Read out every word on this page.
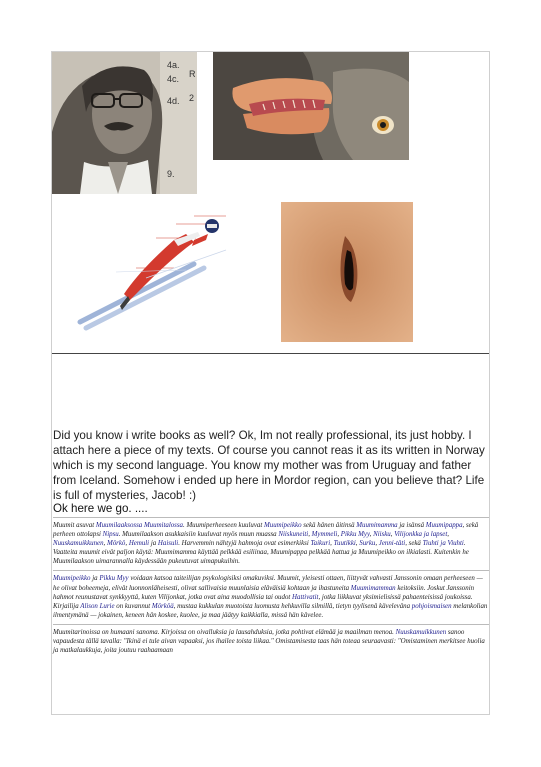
4a.
4c.
4d.
9.
R
2

Did you know i write books as well? Ok, Im not really professional, its just hobby. I attach here a piece of my texts. Of course you cannot reas it as its written in Norway which is my second language. You know my mother was from Uruguay and father from Iceland. Somehow i ended up here in Mordor region, can you believe that? Life is full of mysteries, Jacob! :)

Ok here we go. ....

Muumit asuvat Muumilaaksossa Muumitalossa. Muumiperheeseen kuuluvat Muumipeikko sekä hänen äitinsä Muumimamma ja isänsä Muumipappa, sekä perheen ottolapsi Nipsu. Muumilaakson asukkaisiin kuuluvat myös muun muassa Niiskuneiti, Mymmeli, Pikku Myy, Niisku, Vilijonkka ja lapset, Nuuskamuikkunen, Mörkö, Hemuli ja Haisuli. Harvemmin nähtyjä hahmoja ovat esimerkiksi Taikuri, Tuutikki, Surku, Jenni-täti, sekä Tiuhti ja Viuhti. Vaatteita muumit eivät paljon käytä: Muumimamma käyttää pelkkää esiliinaa, Muumipappa pelkkää hattua ja Muumipeikko on ilkialasti. Kuitenkin he Muumilaakson uimarannalla käydessään pukeutuvat uimapukuihin.

Muumipeikko ja Pikku Myy voidaan katsoa taiteilijan psykologisiksi omakuviksi. Muumit, yleisesti ottaen, liittyvät vahvasti Janssonin omaan perheeseen — he olivat boheemeja, elivät luonnonläheisesti, olivat sallivaisia muunlaisia eläväisiä kohtaan ja ihastuneita Muumimamman keitoksiin. Joskut Janssonin hahmot reunustavat synkkyyttä, kuten Vilijonkat, jotka ovat aina muodollisia tai oudot Hattivatit, jotka liikkuvat yksimielisissä pahaenteisissä joukoissa. Kirjailija Alison Lurie on kuvannut Mörköä, mustaa kukkulan muotoista luomusta hehkuvilla silmillä, tietyn tyylisenä käveleväna pohjoismaisen melankolian ilmentymänä — jokainen, keneen hän koskee, kuolee, ja maa jäätyy kaikkialla, missä hän kävelee.

Muumitarinoissa on humaani sanoma. Kirjoissa on oivalluksia ja lausahduksia, jotka pohtivat elämää ja maailman menoa. Nuuskamuikkunen sanoo vapaudesta tällä tavalla: "Ikinä ei tule aivan vapaaksi, jos ihailee toista liikaa." Omistamisesta taas hän toteaa seuraavasti: "Omistaminen merkitsee huolia ja matkalaukkuja, joita joutuu raahaamaan
